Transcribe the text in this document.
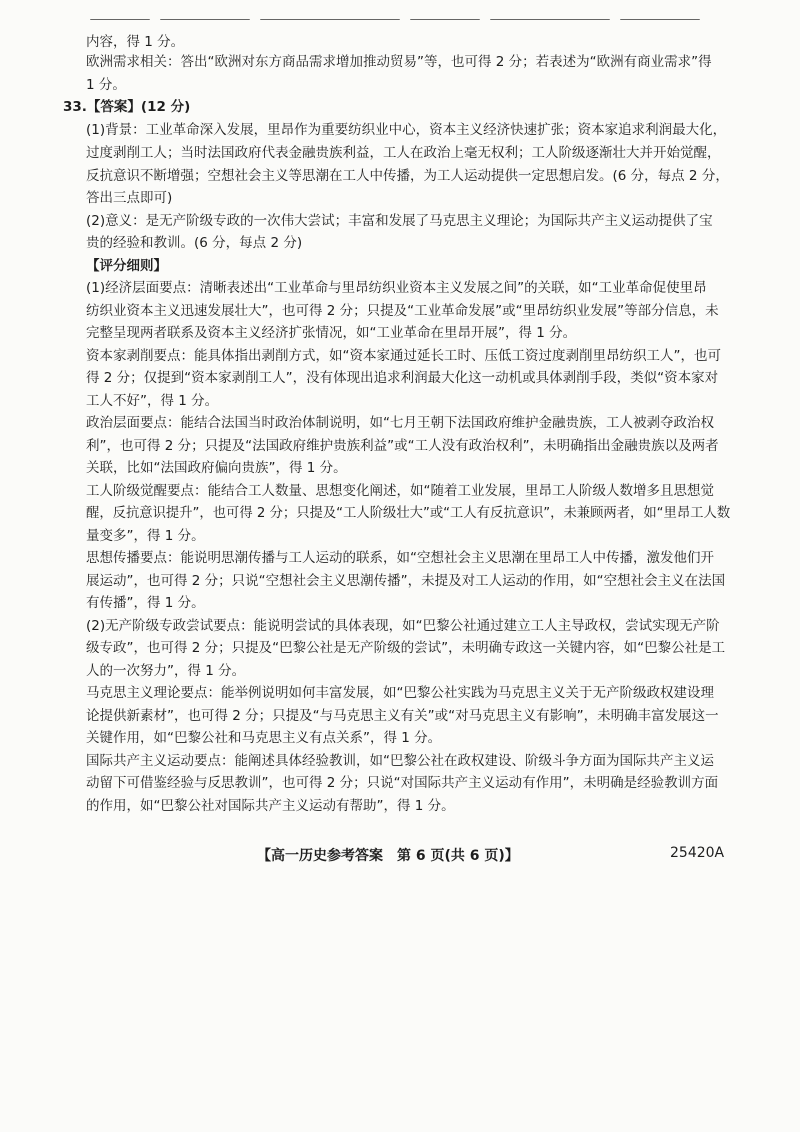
内容，得 1 分。
欧洲需求相关：答出“欧洲对东方商品需求增加推动贸易”等，也可得 2 分；若表述为“欧洲有商业需求”得
1 分。
33.【答案】(12 分)
(1)背景：工业革命深入发展，里昂作为重要纺织业中心，资本主义经济快速扩张；资本家追求利润最大化，
过度剥削工人；当时法国政府代表金融贵族利益，工人在政治上毫无权利；工人阶级逐渐壮大并开始觉醒，
反抗意识不断增强；空想社会主义等思潮在工人中传播，为工人运动提供一定思想启发。(6 分，每点 2 分，
答出三点即可)
(2)意义：是无产阶级专政的一次伟大尝试；丰富和发展了马克思主义理论；为国际共产主义运动提供了宝
贵的经验和教训。(6 分，每点 2 分)
【评分细则】
(1)经济层面要点：清晰表述出“工业革命与里昂纺织业资本主义发展之间”的关联，如“工业革命促使里昂
纺织业资本主义迅速发展壮大”，也可得 2 分；只提及“工业革命发展”或“里昂纺织业发展”等部分信息，未
完整呈现两者联系及资本主义经济扩张情况，如“工业革命在里昂开展”，得 1 分。
资本家剥削要点：能具体指出剥削方式，如“资本家通过延长工时、压低工资过度剥削里昂纺织工人”，也可
得 2 分；仅提到“资本家剥削工人”，没有体现出追求利润最大化这一动机或具体剥削手段，类似“资本家对
工人不好”，得 1 分。
政治层面要点：能结合法国当时政治体制说明，如“七月王朝下法国政府维护金融贵族，工人被剥夺政治权
利”，也可得 2 分；只提及“法国政府维护贵族利益”或“工人没有政治权利”，未明确指出金融贵族以及两者
关联，比如“法国政府偏向贵族”，得 1 分。
工人阶级觉醒要点：能结合工人数量、思想变化阐述，如“随着工业发展，里昂工人阶级人数增多且思想觉
醒，反抗意识提升”，也可得 2 分；只提及“工人阶级壮大”或“工人有反抗意识”，未兼顾两者，如“里昂工人数
量变多”，得 1 分。
思想传播要点：能说明思潮传播与工人运动的联系，如“空想社会主义思潮在里昂工人中传播，激发他们开
展运动”，也可得 2 分；只说“空想社会主义思潮传播”，未提及对工人运动的作用，如“空想社会主义在法国
有传播”，得 1 分。
(2)无产阶级专政尝试要点：能说明尝试的具体表现，如“巴黎公社通过建立工人主导政权，尝试实现无产阶
级专政”，也可得 2 分；只提及“巴黎公社是无产阶级的尝试”，未明确专政这一关键内容，如“巴黎公社是工
人的一次努力”，得 1 分。
马克思主义理论要点：能举例说明如何丰富发展，如“巴黎公社实践为马克思主义关于无产阶级政权建设理
论提供新素材”，也可得 2 分；只提及“与马克思主义有关”或“对马克思主义有影响”，未明确丰富发展这一
关键作用，如“巴黎公社和马克思主义有点关系”，得 1 分。
国际共产主义运动要点：能阐述具体经验教训，如“巴黎公社在政权建设、阶级斗争方面为国际共产主义运
动留下可借鉴经验与反思教训”，也可得 2 分；只说“对国际共产主义运动有作用”，未明确是经验教训方面
的作用，如“巴黎公社对国际共产主义运动有帮助”，得 1 分。
【高一历史参考答案　第 6 页(共 6 页)】	25420A
